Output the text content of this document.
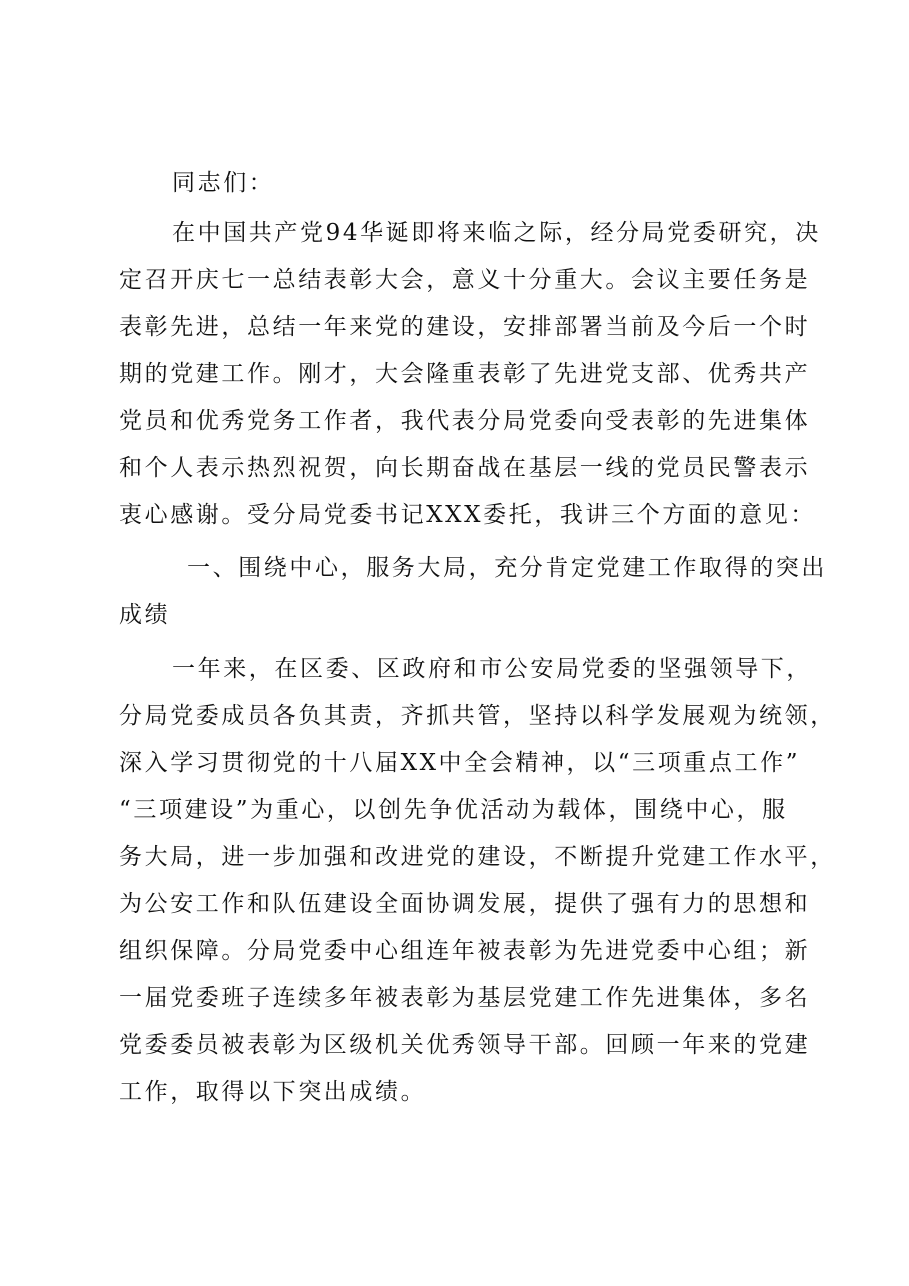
同志们：
在中国共产党94华诞即将来临之际，经分局党委研究，决
定召开庆七一总结表彰大会，意义十分重大。会议主要任务是
表彰先进，总结一年来党的建设，安排部署当前及今后一个时
期的党建工作。刚才，大会隆重表彰了先进党支部、优秀共产
党员和优秀党务工作者，我代表分局党委向受表彰的先进集体
和个人表示热烈祝贺，向长期奋战在基层一线的党员民警表示
衷心感谢。受分局党委书记XXX委托，我讲三个方面的意见：
一、围绕中心，服务大局，充分肯定党建工作取得的突出
成绩
一年来，在区委、区政府和市公安局党委的坚强领导下，
分局党委成员各负其责，齐抓共管，坚持以科学发展观为统领，
深入学习贯彻党的十八届XX中全会精神，以“三项重点工作”
“三项建设”为重心，以创先争优活动为载体，围绕中心，服
务大局，进一步加强和改进党的建设，不断提升党建工作水平，
为公安工作和队伍建设全面协调发展，提供了强有力的思想和
组织保障。分局党委中心组连年被表彰为先进党委中心组；新
一届党委班子连续多年被表彰为基层党建工作先进集体，多名
党委委员被表彰为区级机关优秀领导干部。回顾一年来的党建
工作，取得以下突出成绩。
